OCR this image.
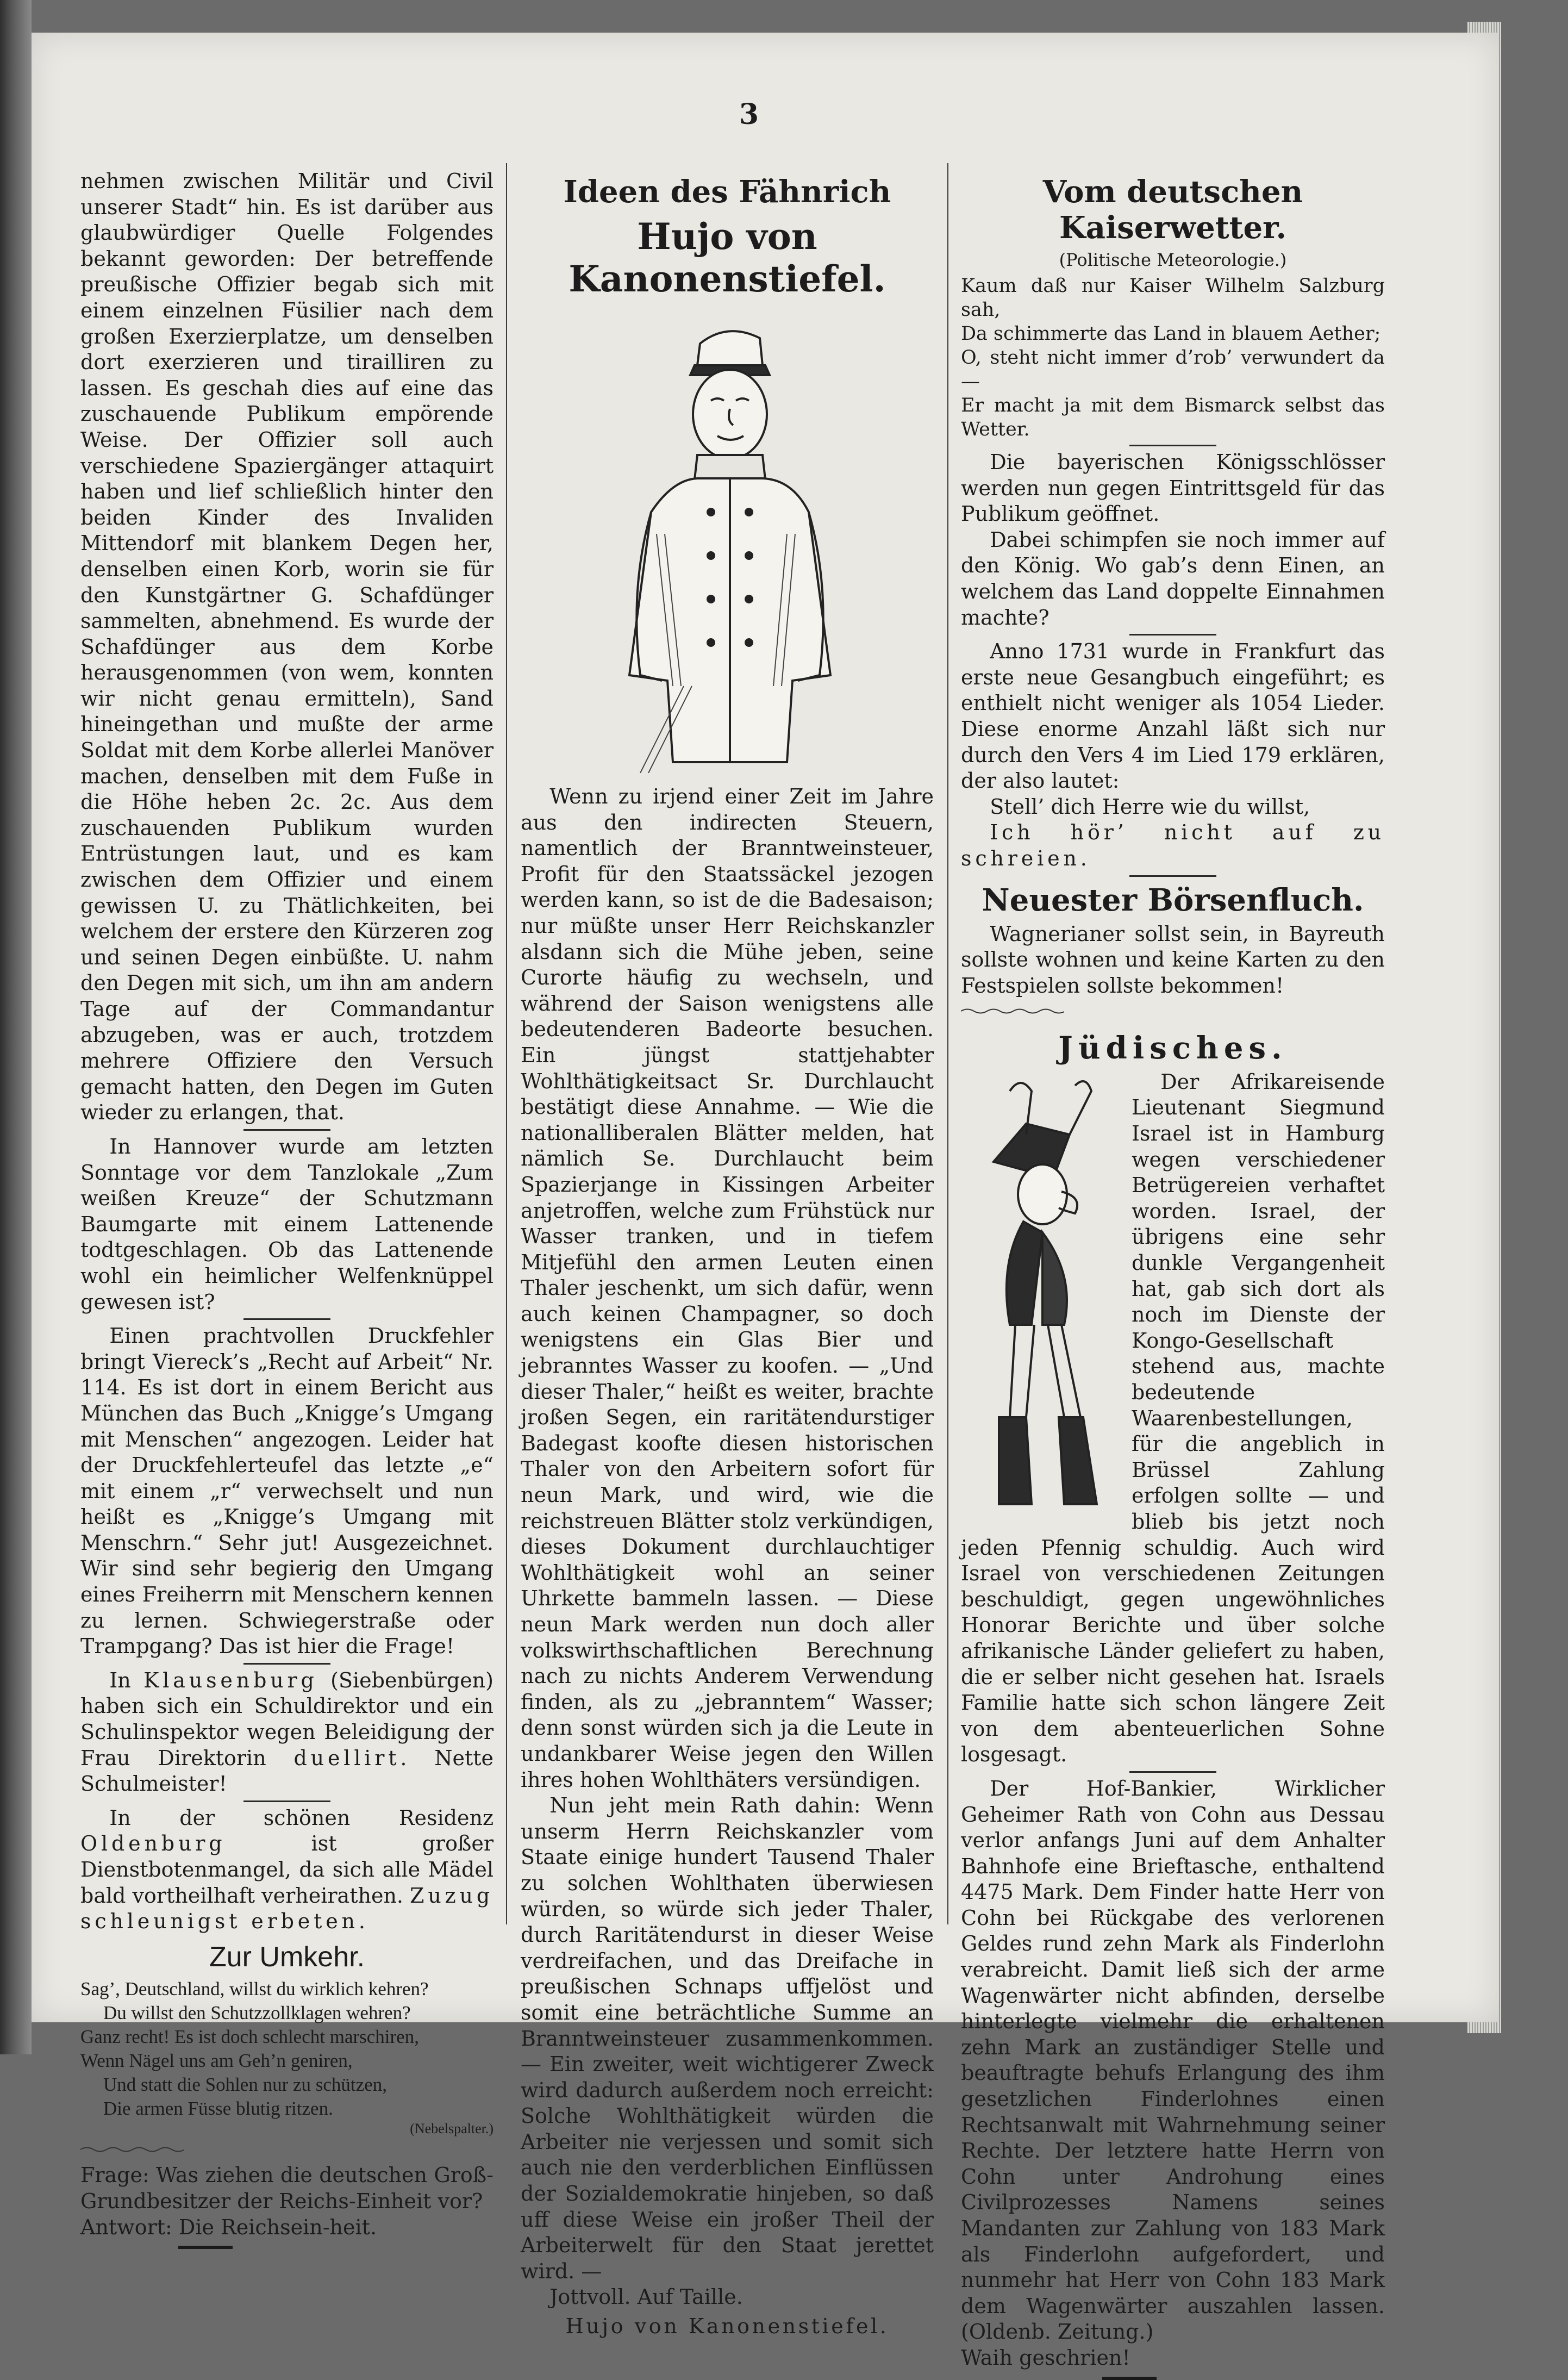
3

nehmen zwischen Militär und Civil unserer Stadt“ hin. Es ist darüber aus glaubwürdiger Quelle Folgendes bekannt geworden: Der betreffende preußische Offizier begab sich mit einem einzelnen Füsilier nach dem großen Exerzierplatze, um denselben dort exerzieren und tirailliren zu lassen. Es geschah dies auf eine das zuschauende Publikum empörende Weise. Der Offizier soll auch verschiedene Spaziergänger attaquirt haben und lief schließlich hinter den beiden Kinder des Invaliden Mittendorf mit blankem Degen her, denselben einen Korb, worin sie für den Kunstgärtner G. Schafdünger sammelten, abnehmend. Es wurde der Schafdünger aus dem Korbe herausgenommen (von wem, konnten wir nicht genau ermitteln), Sand hineingethan und mußte der arme Soldat mit dem Korbe allerlei Manöver machen, denselben mit dem Fuße in die Höhe heben 2c. 2c. Aus dem zuschauenden Publikum wurden Entrüstungen laut, und es kam zwischen dem Offizier und einem gewissen U. zu Thätlichkeiten, bei welchem der erstere den Kürzeren zog und seinen Degen einbüßte. U. nahm den Degen mit sich, um ihn am andern Tage auf der Commandantur abzugeben, was er auch, trotzdem mehrere Offiziere den Versuch gemacht hatten, den Degen im Guten wieder zu erlangen, that.

In Hannover wurde am letzten Sonntage vor dem Tanzlokale „Zum weißen Kreuze“ der Schutzmann Baumgarte mit einem Lattenende todtgeschlagen. Ob das Lattenende wohl ein heimlicher Welfenknüppel gewesen ist?

Einen prachtvollen Druckfehler bringt Viereck’s „Recht auf Arbeit“ Nr. 114. Es ist dort in einem Bericht aus München das Buch „Knigge’s Umgang mit Menschen“ angezogen. Leider hat der Druckfehlerteufel das letzte „e“ mit einem „r“ verwechselt und nun heißt es „Knigge’s Umgang mit Menschrn.“ Sehr jut! Ausgezeichnet. Wir sind sehr begierig den Umgang eines Freiherrn mit Menschern kennen zu lernen. Schwiegerstraße oder Trampgang? Das ist hier die Frage!

In Klausenburg (Siebenbürgen) haben sich ein Schuldirektor und ein Schulinspektor wegen Beleidigung der Frau Direktorin duellirt. Nette Schulmeister!

In der schönen Residenz Oldenburg ist großer Dienstbotenmangel, da sich alle Mädel bald vortheilhaft verheirathen. Zuzug schleunigst erbeten.

Zur Umkehr.
Sag’, Deutschland, willst du wirklich kehren?
Du willst den Schutzzollklagen wehren?
Ganz recht! Es ist doch schlecht marschiren,
Wenn Nägel uns am Geh’n geniren,
Und statt die Sohlen nur zu schützen,
Die armen Füsse blutig ritzen.
(Nebelspalter.)

Frage: Was ziehen die deutschen Groß-Grundbesitzer der Reichs-Einheit vor?

Antwort: Die Reichsein-heit.

Ideen des Fähnrich
Hujo von Kanonenstiefel.

Wenn zu irjend einer Zeit im Jahre aus den indirecten Steuern, namentlich der Branntweinsteuer, Profit für den Staatssäckel jezogen werden kann, so ist de die Badesaison; nur müßte unser Herr Reichskanzler alsdann sich die Mühe jeben, seine Curorte häufig zu wechseln, und während der Saison wenigstens alle bedeutenderen Badeorte besuchen. Ein jüngst stattjehabter Wohlthätigkeitsact Sr. Durchlaucht bestätigt diese Annahme. — Wie die nationalliberalen Blätter melden, hat nämlich Se. Durchlaucht beim Spazierjange in Kissingen Arbeiter anjetroffen, welche zum Frühstück nur Wasser tranken, und in tiefem Mitjefühl den armen Leuten einen Thaler jeschenkt, um sich dafür, wenn auch keinen Champagner, so doch wenigstens ein Glas Bier und jebranntes Wasser zu koofen. — „Und dieser Thaler,“ heißt es weiter, brachte jroßen Segen, ein raritätendurstiger Badegast koofte diesen historischen Thaler von den Arbeitern sofort für neun Mark, und wird, wie die reichstreuen Blätter stolz verkündigen, dieses Dokument durchlauchtiger Wohlthätigkeit wohl an seiner Uhrkette bammeln lassen. — Diese neun Mark werden nun doch aller volkswirthschaftlichen Berechnung nach zu nichts Anderem Verwendung finden, als zu „jebranntem“ Wasser; denn sonst würden sich ja die Leute in undankbarer Weise jegen den Willen ihres hohen Wohlthäters versündigen.

Nun jeht mein Rath dahin: Wenn unserm Herrn Reichskanzler vom Staate einige hundert Tausend Thaler zu solchen Wohlthaten überwiesen würden, so würde sich jeder Thaler, durch Raritätendurst in dieser Weise verdreifachen, und das Dreifache in preußischen Schnaps uffjelöst und somit eine beträchtliche Summe an Branntweinsteuer zusammenkommen. — Ein zweiter, weit wichtigerer Zweck wird dadurch außerdem noch erreicht: Solche Wohlthätigkeit würden die Arbeiter nie verjessen und somit sich auch nie den verderblichen Einflüssen der Sozialdemokratie hinjeben, so daß uff diese Weise ein jroßer Theil der Arbeiterwelt für den Staat jerettet wird. —

Jottvoll. Auf Taille.

Hujo von Kanonenstiefel.
Vom deutschen Kaiserwetter.
(Politische Meteorologie.)
Kaum daß nur Kaiser Wilhelm Salzburg sah,
Da schimmerte das Land in blauem Aether;
O, steht nicht immer d’rob’ verwundert da —
Er macht ja mit dem Bismarck selbst das Wetter.

Die bayerischen Königsschlösser werden nun gegen Eintrittsgeld für das Publikum geöffnet.

Dabei schimpfen sie noch immer auf den König. Wo gab’s denn Einen, an welchem das Land doppelte Einnahmen machte?

Anno 1731 wurde in Frankfurt das erste neue Gesangbuch eingeführt; es enthielt nicht weniger als 1054 Lieder. Diese enorme Anzahl läßt sich nur durch den Vers 4 im Lied 179 erklären, der also lautet:

Stell’ dich Herre wie du willst,

Ich hör’ nicht auf zu schreien.

Neuester Börsenfluch.

Wagnerianer sollst sein, in Bayreuth sollste wohnen und keine Karten zu den Festspielen sollste bekommen!

Jüdisches.

Der Afrikareisende Lieutenant Siegmund Israel ist in Hamburg wegen verschiedener Betrügereien verhaftet worden. Israel, der übrigens eine sehr dunkle Vergangenheit hat, gab sich dort als noch im Dienste der Kongo-Gesellschaft stehend aus, machte bedeutende Waarenbestellungen, für die angeblich in Brüssel Zahlung erfolgen sollte — und blieb bis jetzt noch jeden Pfennig schuldig. Auch wird Israel von verschiedenen Zeitungen beschuldigt, gegen ungewöhnliches Honorar Berichte und über solche afrikanische Länder geliefert zu haben, die er selber nicht gesehen hat. Israels Familie hatte sich schon längere Zeit von dem abenteuerlichen Sohne losgesagt.

Der Hof-Bankier, Wirklicher Geheimer Rath von Cohn aus Dessau verlor anfangs Juni auf dem Anhalter Bahnhofe eine Brieftasche, enthaltend 4475 Mark. Dem Finder hatte Herr von Cohn bei Rückgabe des verlorenen Geldes rund zehn Mark als Finderlohn verabreicht. Damit ließ sich der arme Wagenwärter nicht abfinden, derselbe hinterlegte vielmehr die erhaltenen zehn Mark an zuständiger Stelle und beauftragte behufs Erlangung des ihm gesetzlichen Finderlohnes einen Rechtsanwalt mit Wahrnehmung seiner Rechte. Der letztere hatte Herrn von Cohn unter Androhung eines Civilprozesses Namens seines Mandanten zur Zahlung von 183 Mark als Finderlohn aufgefordert, und nunmehr hat Herr von Cohn 183 Mark dem Wagenwärter auszahlen lassen. (Oldenb. Zeitung.)

Waih geschrien!
